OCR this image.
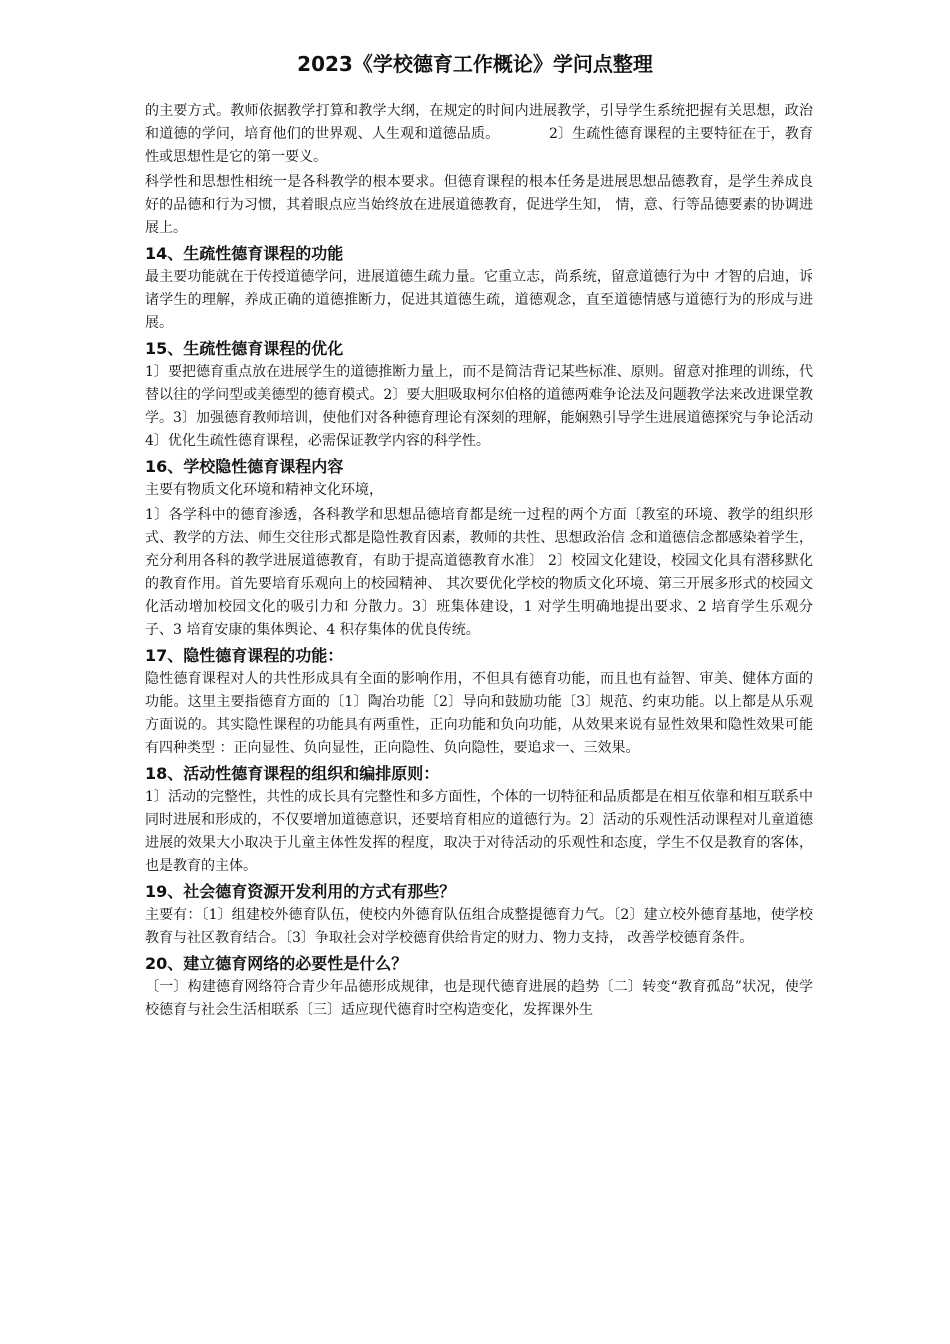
2023《学校德育工作概论》学问点整理

的主要方式。教师依据教学打算和教学大纲，在规定的时间内进展教学，引导学生系统把握有关思想，政治和道德的学问，培育他们的世界观、人生观和道德品质。　　　　2〕生疏性德育课程的主要特征在于，教育性或思想性是它的第一要义。

科学性和思想性相统一是各科教学的根本要求。但德育课程的根本任务是进展思想品德教育，是学生养成良好的品德和行为习惯，其着眼点应当始终放在进展道德教育，促进学生知， 情，意、行等品德要素的协调进展上。

14、生疏性德育课程的功能

最主要功能就在于传授道德学问，进展道德生疏力量。它重立志，尚系统，留意道德行为中 才智的启迪，诉诸学生的理解，养成正确的道德推断力，促进其道德生疏，道德观念，直至道德情感与道德行为的形成与进展。

15、生疏性德育课程的优化

1〕要把德育重点放在进展学生的道德推断力量上，而不是简洁背记某些标准、原则。留意对推理的训练，代替以往的学问型或美德型的德育模式。2〕要大胆吸取柯尔伯格的道德两难争论法及问题教学法来改进课堂教学。3〕加强德育教师培训，使他们对各种德育理论有深刻的理解，能娴熟引导学生进展道德探究与争论活动 4〕优化生疏性德育课程，必需保证教学内容的科学性。

16、学校隐性德育课程内容

主要有物质文化环境和精神文化环境，

1〕各学科中的德育渗透，各科教学和思想品德培育都是统一过程的两个方面〔教室的环境、教学的组织形式、教学的方法、师生交往形式都是隐性教育因素，教师的共性、思想政治信 念和道德信念都感染着学生，充分利用各科的教学进展道德教育，有助于提高道德教育水准〕 2〕校园文化建设，校园文化具有潜移默化的教育作用。首先要培育乐观向上的校园精神、 其次要优化学校的物质文化环境、第三开展多形式的校园文化活动增加校园文化的吸引力和 分散力。3〕班集体建设，1 对学生明确地提出要求、2 培育学生乐观分子、3 培育安康的集体舆论、4 积存集体的优良传统。

17、隐性德育课程的功能：

隐性德育课程对人的共性形成具有全面的影响作用，不但具有德育功能，而且也有益智、审美、健体方面的功能。这里主要指德育方面的〔1〕陶冶功能〔2〕导向和鼓励功能〔3〕规范、约束功能。以上都是从乐观方面说的。其实隐性课程的功能具有两重性，正向功能和负向功能，从效果来说有显性效果和隐性效果可能有四种类型 ：正向显性、负向显性，正向隐性、负向隐性，要追求一、三效果。

18、活动性德育课程的组织和编排原则：

1〕活动的完整性，共性的成长具有完整性和多方面性，个体的一切特征和品质都是在相互依靠和相互联系中同时进展和形成的，不仅要增加道德意识，还要培育相应的道德行为。2〕活动的乐观性活动课程对儿童道德进展的效果大小取决于儿童主体性发挥的程度，取决于对待活动的乐观性和态度，学生不仅是教育的客体，也是教育的主体。

19、社会德育资源开发利用的方式有那些？

主要有：〔1〕组建校外德育队伍，使校内外德育队伍组合成整提德育力气。〔2〕建立校外德育基地，使学校教育与社区教育结合。〔3〕争取社会对学校德育供给肯定的财力、物力支持， 改善学校德育条件。

20、建立德育网络的必要性是什么？

〔一〕构建德育网络符合青少年品德形成规律，也是现代德育进展的趋势〔二〕转变“教育孤岛”状况，使学校德育与社会生活相联系〔三〕适应现代德育时空构造变化，发挥课外生
